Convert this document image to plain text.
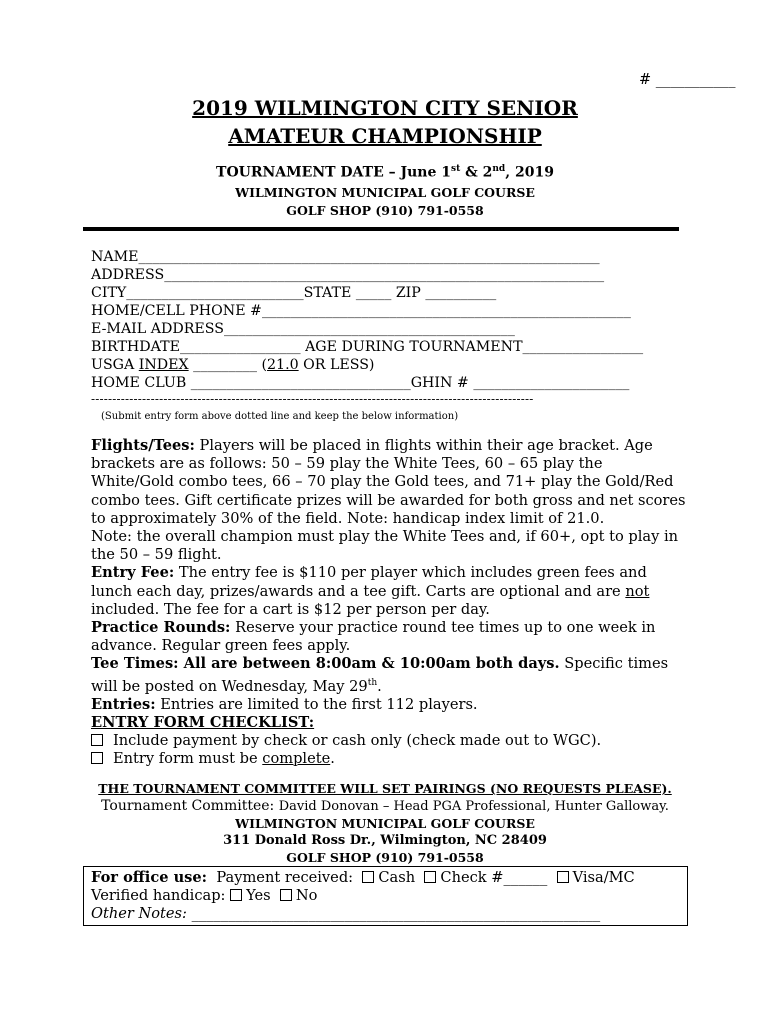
# ___________
2019 WILMINGTON CITY SENIOR
AMATEUR CHAMPIONSHIP
TOURNAMENT DATE – June 1st & 2nd, 2019
WILMINGTON MUNICIPAL GOLF COURSE
GOLF SHOP (910) 791-0558
NAME_________________________________________________________________
ADDRESS______________________________________________________________
CITY_________________________STATE _____ ZIP __________
HOME/CELL PHONE #____________________________________________________
E-MAIL ADDRESS_________________________________________
BIRTHDATE_________________ AGE DURING TOURNAMENT_________________
USGA INDEX _________ (21.0 OR LESS)
HOME CLUB _______________________________GHIN # ______________________
--------------------------------------------------------------------------------------------------------
(Submit entry form above dotted line and keep the below information)

Flights/Tees: Players will be placed in flights within their age bracket. Age brackets are as follows: 50 – 59 play the White Tees, 60 – 65 play the White/Gold combo tees, 66 – 70 play the Gold tees, and 71+ play the Gold/Red combo tees. Gift certificate prizes will be awarded for both gross and net scores to approximately 30% of the field. Note: handicap index limit of 21.0.

Note: the overall champion must play the White Tees and, if 60+, opt to play in the 50 – 59 flight.

Entry Fee: The entry fee is $110 per player which includes green fees and lunch each day, prizes/awards and a tee gift. Carts are optional and are not included. The fee for a cart is $12 per person per day.

Practice Rounds: Reserve your practice round tee times up to one week in advance. Regular green fees apply.

Tee Times: All are between 8:00am & 10:00am both days. Specific times will be posted on Wednesday, May 29th.

Entries: Entries are limited to the first 112 players.

ENTRY FORM CHECKLIST:

Include payment by check or cash only (check made out to WGC).

Entry form must be complete.

THE TOURNAMENT COMMITTEE WILL SET PAIRINGS (NO REQUESTS PLEASE).
Tournament Committee: David Donovan – Head PGA Professional, Hunter Galloway.
WILMINGTON MUNICIPAL GOLF COURSE
311 Donald Ross Dr., Wilmington, NC 28409
GOLF SHOP (910) 791-0558
For office use:  Payment received:  Cash  Check #______  Visa/MC
Verified handicap: Yes  No
Other Notes: ________________________________________________________
